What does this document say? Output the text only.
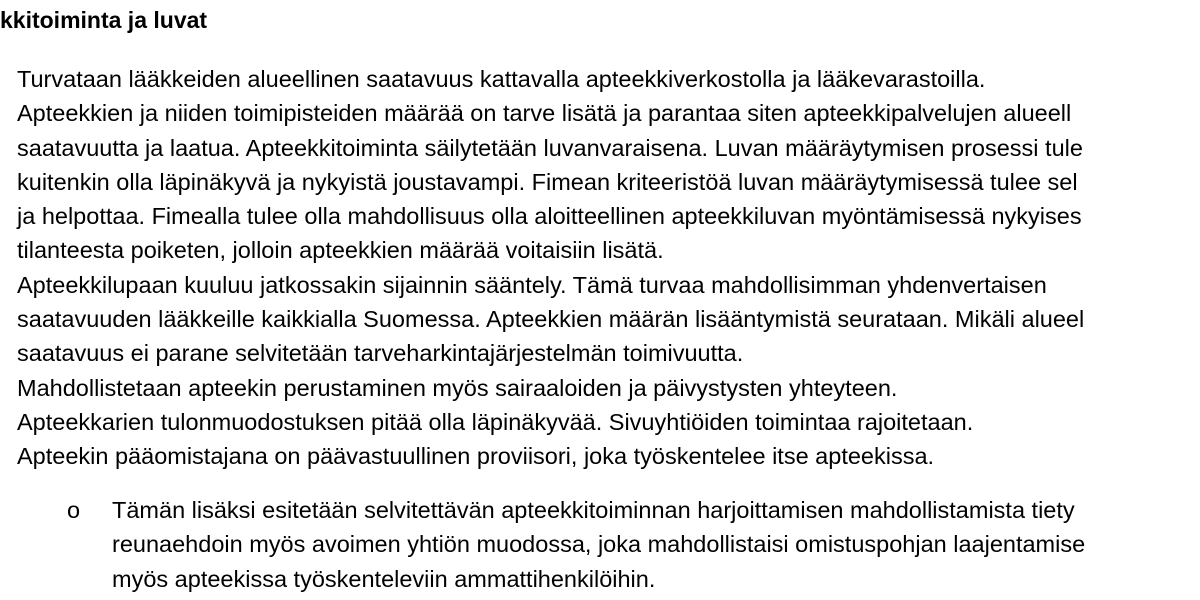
kkitoiminta ja luvat
Turvataan lääkkeiden alueellinen saatavuus kattavalla apteekkiverkostolla ja lääkevarastoilla.
Apteekkien ja niiden toimipisteiden määrää on tarve lisätä ja parantaa siten apteekkipalvelujen alueell
saatavuutta ja laatua. Apteekkitoiminta säilytetään luvanvaraisena. Luvan määräytymisen prosessi tule
kuitenkin olla läpinäkyvä ja nykyistä joustavampi. Fimean kriteeristöä luvan määräytymisessä tulee sel
ja helpottaa. Fimealla tulee olla mahdollisuus olla aloitteellinen apteekkiluvan myöntämisessä nykyises
tilanteesta poiketen, jolloin apteekkien määrää voitaisiin lisätä.
Apteekkilupaan kuuluu jatkossakin sijainnin sääntely. Tämä turvaa mahdollisimman yhdenvertaisen
saatavuuden lääkkeille kaikkialla Suomessa. Apteekkien määrän lisääntymistä seurataan. Mikäli alueel
saatavuus ei parane selvitetään tarveharkintajärjestelmän toimivuutta.
Mahdollistetaan apteekin perustaminen myös sairaaloiden ja päivystysten yhteyteen.
Apteekkarien tulonmuodostuksen pitää olla läpinäkyvää. Sivuyhtiöiden toimintaa rajoitetaan.
Apteekin pääomistajana on päävastuullinen proviisori, joka työskentelee itse apteekissa.
o Tämän lisäksi esitetään selvitettävän apteekkitoiminnan harjoittamisen mahdollistamista tiety
reunaehdoin myös avoimen yhtiön muodossa, joka mahdollistaisi omistuspohjan laajentamise
myös apteekissa työskenteleviin ammattihenkilöihin.
